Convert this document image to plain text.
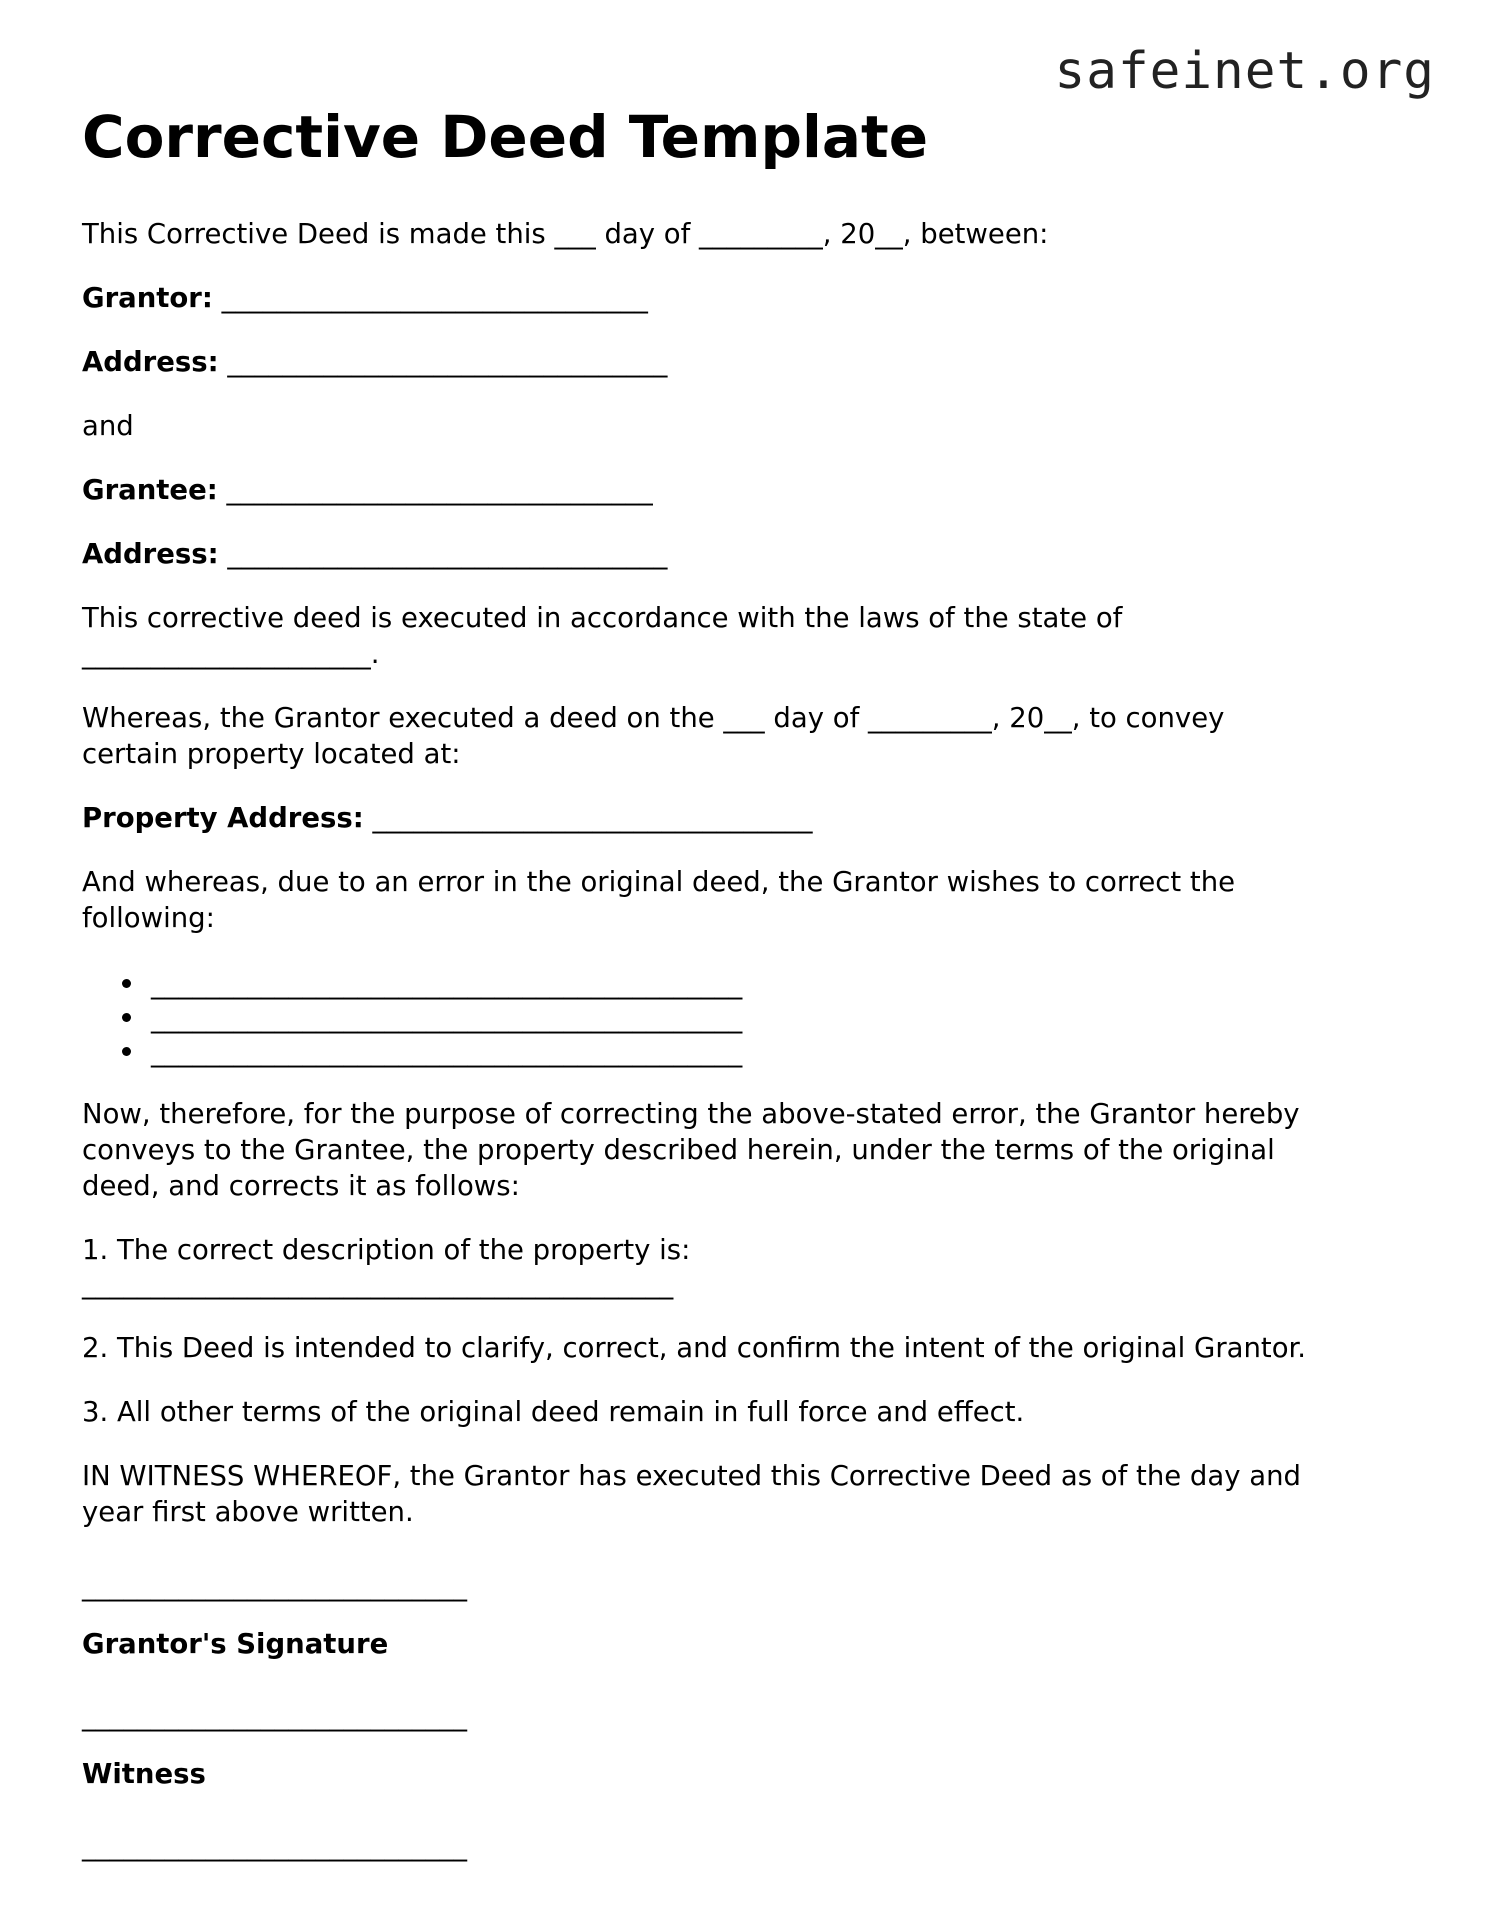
safeinet.org
Corrective Deed Template

This Corrective Deed is made this ___ day of _________, 20__, between:

Grantor: _______________________________

Address: ________________________________

and

Grantee: _______________________________

Address: ________________________________

This corrective deed is executed in accordance with the laws of the state of

_____________________.

Whereas, the Grantor executed a deed on the ___ day of _________, 20__, to convey

certain property located at:

Property Address: ________________________________

And whereas, due to an error in the original deed, the Grantor wishes to correct the

following:

___________________________________________
___________________________________________
___________________________________________

Now, therefore, for the purpose of correcting the above-stated error, the Grantor hereby

conveys to the Grantee, the property described herein, under the terms of the original

deed, and corrects it as follows:

1. The correct description of the property is:

___________________________________________

2. This Deed is intended to clarify, correct, and confirm the intent of the original Grantor.

3. All other terms of the original deed remain in full force and effect.

IN WITNESS WHEREOF, the Grantor has executed this Corrective Deed as of the day and

year first above written.

____________________________

Grantor's Signature

____________________________

Witness

____________________________
